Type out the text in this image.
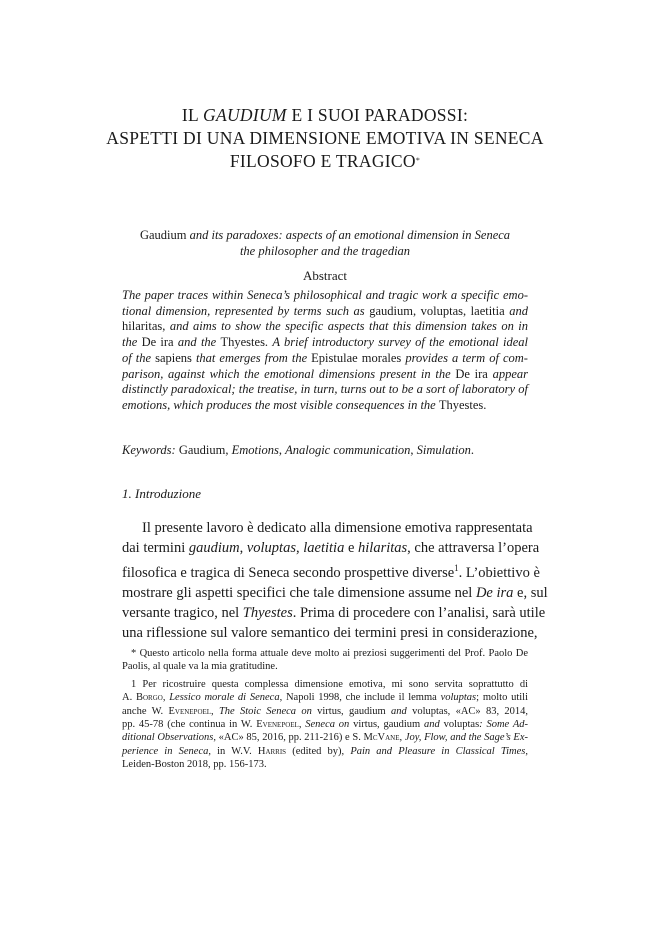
IL GAUDIUM E I SUOI PARADOSSI:
ASPETTI DI UNA DIMENSIONE EMOTIVA IN SENECA
FILOSOFO E TRAGICO*
Gaudium and its paradoxes: aspects of an emotional dimension in Seneca
the philosopher and the tragedian
Abstract
The paper traces within Seneca’s philosophical and tragic work a specific emo-
tional dimension, represented by terms such as gaudium, voluptas, laetitia and
hilaritas, and aims to show the specific aspects that this dimension takes on in
the De ira and the Thyestes. A brief introductory survey of the emotional ideal
of the sapiens that emerges from the Epistulae morales provides a term of com-
parison, against which the emotional dimensions present in the De ira appear
distinctly paradoxical; the treatise, in turn, turns out to be a sort of laboratory of
emotions, which produces the most visible consequences in the Thyestes.
Keywords: Gaudium, Emotions, Analogic communication, Simulation.
1. Introduzione
Il presente lavoro è dedicato alla dimensione emotiva rappresentata
dai termini gaudium, voluptas, laetitia e hilaritas, che attraversa l’opera
filosofica e tragica di Seneca secondo prospettive diverse$^1$. L’obiettivo è
mostrare gli aspetti specifici che tale dimensione assume nel De ira e, sul
versante tragico, nel Thyestes. Prima di procedere con l’analisi, sarà utile
una riflessione sul valore semantico dei termini presi in considerazione,
* Questo articolo nella forma attuale deve molto ai preziosi suggerimenti del Prof. Paolo De
Paolis, al quale va la mia gratitudine.
1 Per ricostruire questa complessa dimensione emotiva, mi sono servita soprattutto di
A. Borgo, Lessico morale di Seneca, Napoli 1998, che include il lemma voluptas; molto utili
anche W. Evenepoel, The Stoic Seneca on virtus, gaudium and voluptas, «AC» 83, 2014,
pp. 45-78 (che continua in W. Evenepoel, Seneca on virtus, gaudium and voluptas: Some Ad-
ditional Observations, «AC» 85, 2016, pp. 211-216) e S. McVane, Joy, Flow, and the Sage’s Ex-
perience in Seneca, in W.V. Harris (edited by), Pain and Pleasure in Classical Times,
Leiden-Boston 2018, pp. 156-173.
